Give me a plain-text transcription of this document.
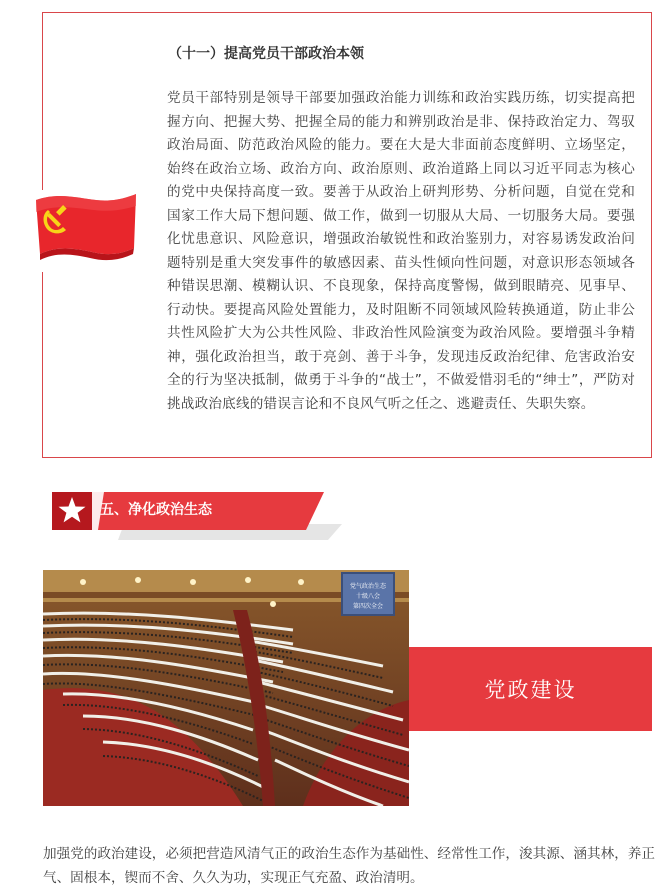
（十一）提高党员干部政治本领
党员干部特别是领导干部要加强政治能力训练和政治实践历练，切实提高把握方向、把握大势、把握全局的能力和辨别政治是非、保持政治定力、驾驭政治局面、防范政治风险的能力。要在大是大非面前态度鲜明、立场坚定，始终在政治立场、政治方向、政治原则、政治道路上同以习近平同志为核心的党中央保持高度一致。要善于从政治上研判形势、分析问题，自觉在党和国家工作大局下想问题、做工作，做到一切服从大局、一切服务大局。要强化忧患意识、风险意识，增强政治敏锐性和政治鉴别力，对容易诱发政治问题特别是重大突发事件的敏感因素、苗头性倾向性问题，对意识形态领域各种错误思潮、模糊认识、不良现象，保持高度警惕，做到眼睛亮、见事早、行动快。要提高风险处置能力，及时阻断不同领域风险转换通道，防止非公共性风险扩大为公共性风险、非政治性风险演变为政治风险。要增强斗争精神，强化政治担当，敢于亮剑、善于斗争，发现违反政治纪律、危害政治安全的行为坚决抵制，做勇于斗争的“战士”，不做爱惜羽毛的“绅士”，严防对挑战政治底线的错误言论和不良风气听之任之、逃避责任、失职失察。
五、净化政治生态
党气政治生态
十级八会
第四次全会
党政建设
加强党的政治建设，必须把营造风清气正的政治生态作为基础性、经常性工作，浚其源、涵其林，养正气、固根本，锲而不舍、久久为功，实现正气充盈、政治清明。
